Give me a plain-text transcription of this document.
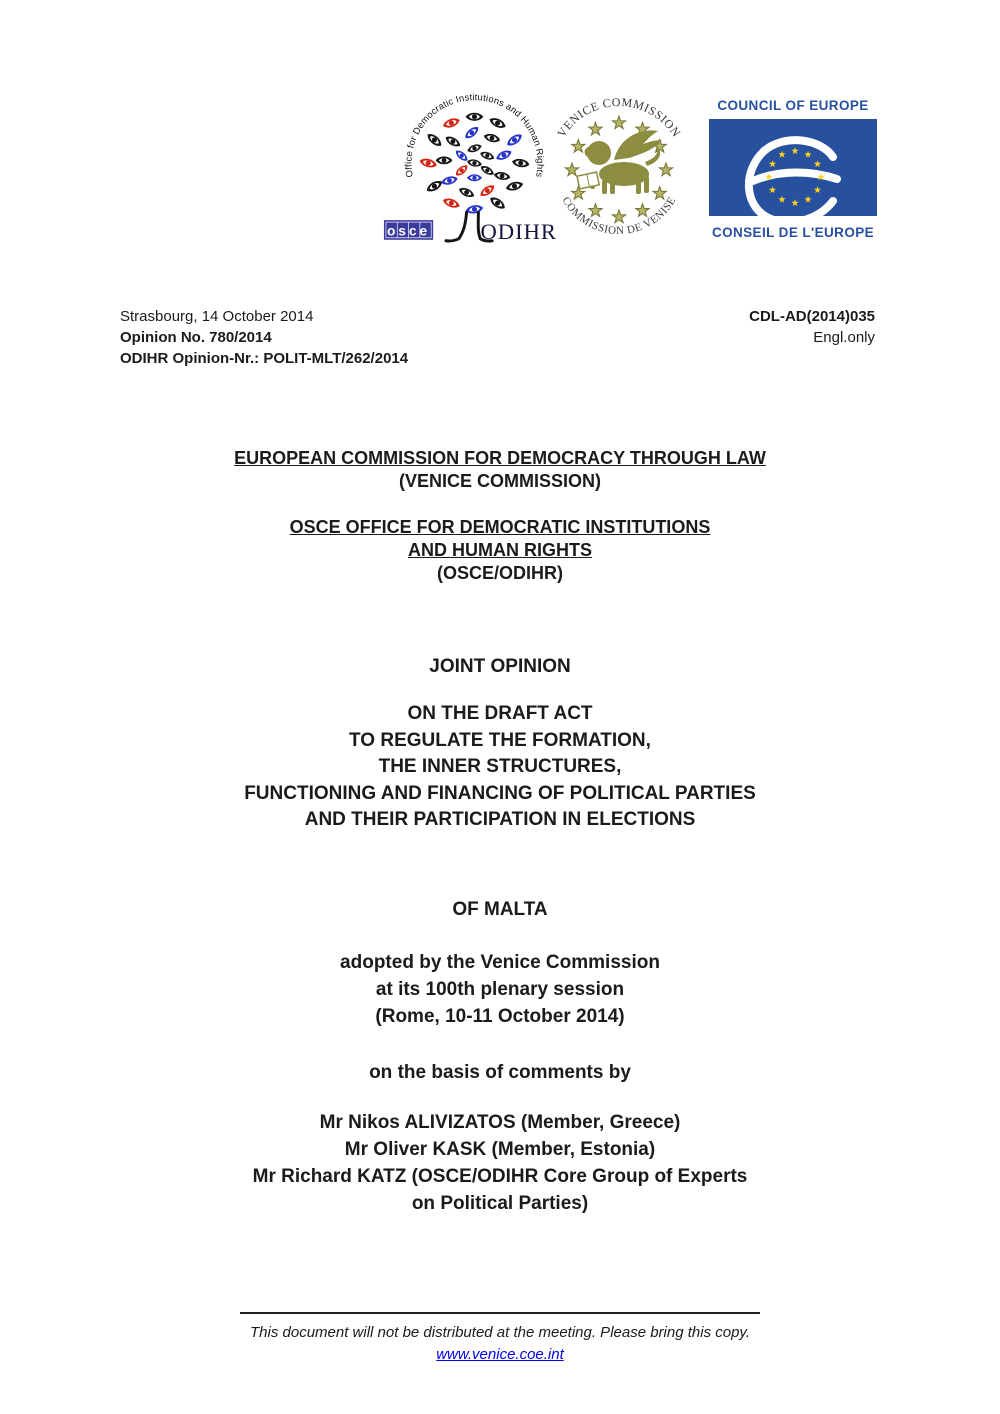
Office for Democratic Institutions and Human Rights
osce ODIHR
VENICE COMMISSION
COMMISSION DE VENISE
COUNCIL OF EUROPE
CONSEIL DE L'EUROPE
Strasbourg, 14 October 2014
Opinion No. 780/2014
ODIHR Opinion-Nr.: POLIT-MLT/262/2014
CDL-AD(2014)035
Engl.only
EUROPEAN COMMISSION FOR DEMOCRACY THROUGH LAW
(VENICE COMMISSION)
OSCE OFFICE FOR DEMOCRATIC INSTITUTIONS
AND HUMAN RIGHTS
(OSCE/ODIHR)
JOINT OPINION
ON THE DRAFT ACT
TO REGULATE THE FORMATION,
THE INNER STRUCTURES,
FUNCTIONING AND FINANCING OF POLITICAL PARTIES
AND THEIR PARTICIPATION IN ELECTIONS
OF MALTA
adopted by the Venice Commission
at its 100th plenary session
(Rome, 10-11 October 2014)
on the basis of comments by
Mr Nikos ALIVIZATOS (Member, Greece)
Mr Oliver KASK (Member, Estonia)
Mr Richard KATZ (OSCE/ODIHR Core Group of Experts
on Political Parties)
This document will not be distributed at the meeting. Please bring this copy.
www.venice.coe.int
